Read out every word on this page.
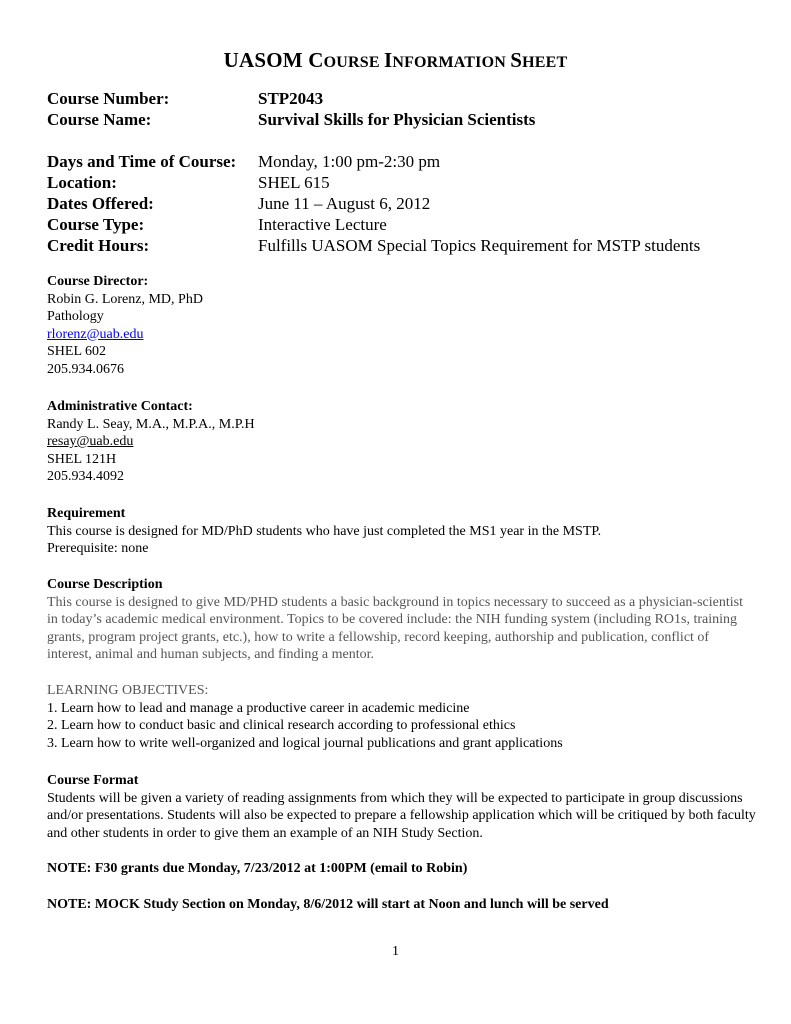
UASOM COURSE INFORMATION SHEET
Course Number:	STP2043
Course Name:	Survival Skills for Physician Scientists
Days and Time of Course:	Monday, 1:00 pm-2:30 pm
Location:	SHEL 615
Dates Offered:	June 11 – August 6, 2012
Course Type:	Interactive Lecture
Credit Hours:	Fulfills UASOM Special Topics Requirement for MSTP students
Course Director:
Robin G. Lorenz, MD, PhD
Pathology
rlorenz@uab.edu
SHEL 602
205.934.0676
Administrative Contact:
Randy L. Seay, M.A., M.P.A., M.P.H
resay@uab.edu
SHEL 121H
205.934.4092
Requirement
This course is designed for MD/PhD students who have just completed the MS1 year in the MSTP.
Prerequisite: none
Course Description
This course is designed to give MD/PHD students a basic background in topics necessary to succeed as a physician-scientist in today’s academic medical environment. Topics to be covered include: the NIH funding system (including RO1s, training grants, program project grants, etc.), how to write a fellowship, record keeping, authorship and publication, conflict of interest, animal and human subjects, and finding a mentor.
LEARNING OBJECTIVES:
1. Learn how to lead and manage a productive career in academic medicine
2. Learn how to conduct basic and clinical research according to professional ethics
3. Learn how to write well-organized and logical journal publications and grant applications
Course Format
Students will be given a variety of reading assignments from which they will be expected to participate in group discussions and/or presentations. Students will also be expected to prepare a fellowship application which will be critiqued by both faculty and other students in order to give them an example of an NIH Study Section.
NOTE: F30 grants due Monday, 7/23/2012 at 1:00PM (email to Robin)
NOTE: MOCK Study Section on Monday, 8/6/2012 will start at Noon and lunch will be served
1
